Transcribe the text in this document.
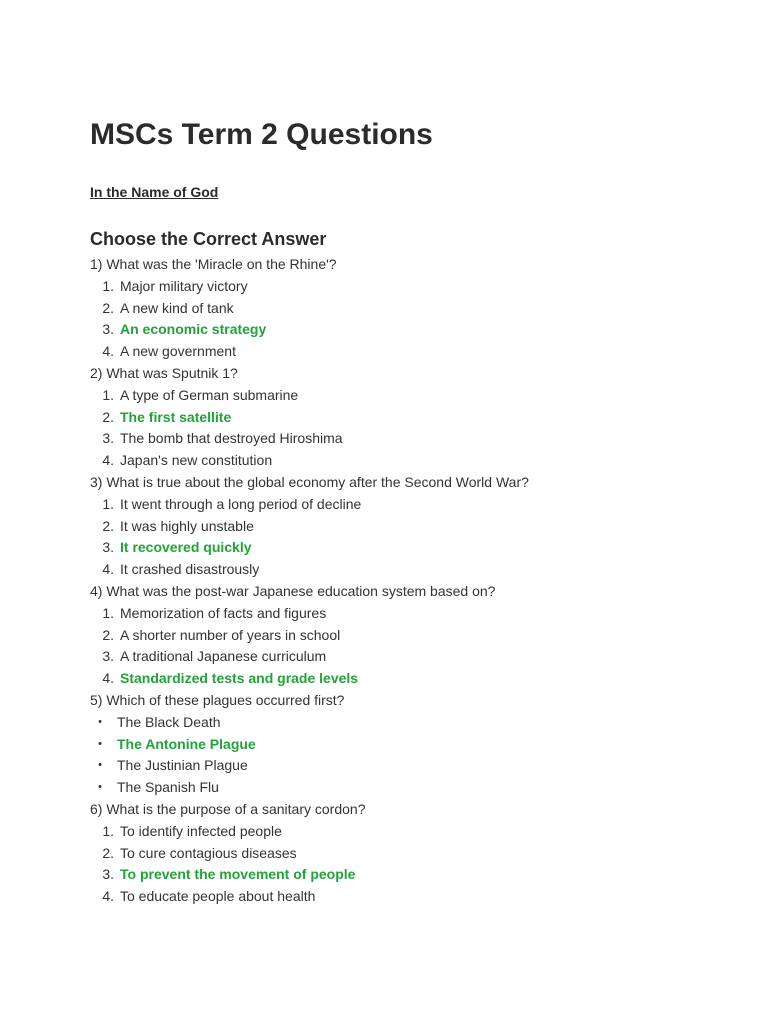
MSCs Term 2 Questions

In the Name of God

Choose the Correct Answer
1) What was the 'Miracle on the Rhine'?
1. Major military victory
2. A new kind of tank
3. An economic strategy
4. A new government
2) What was Sputnik 1?
1. A type of German submarine
2. The first satellite
3. The bomb that destroyed Hiroshima
4. Japan's new constitution
3) What is true about the global economy after the Second World War?
1. It went through a long period of decline
2. It was highly unstable
3. It recovered quickly
4. It crashed disastrously
4) What was the post-war Japanese education system based on?
1. Memorization of facts and figures
2. A shorter number of years in school
3. A traditional Japanese curriculum
4. Standardized tests and grade levels
5) Which of these plagues occurred first?
• The Black Death
• The Antonine Plague
• The Justinian Plague
• The Spanish Flu
6) What is the purpose of a sanitary cordon?
1. To identify infected people
2. To cure contagious diseases
3. To prevent the movement of people
4. To educate people about health
